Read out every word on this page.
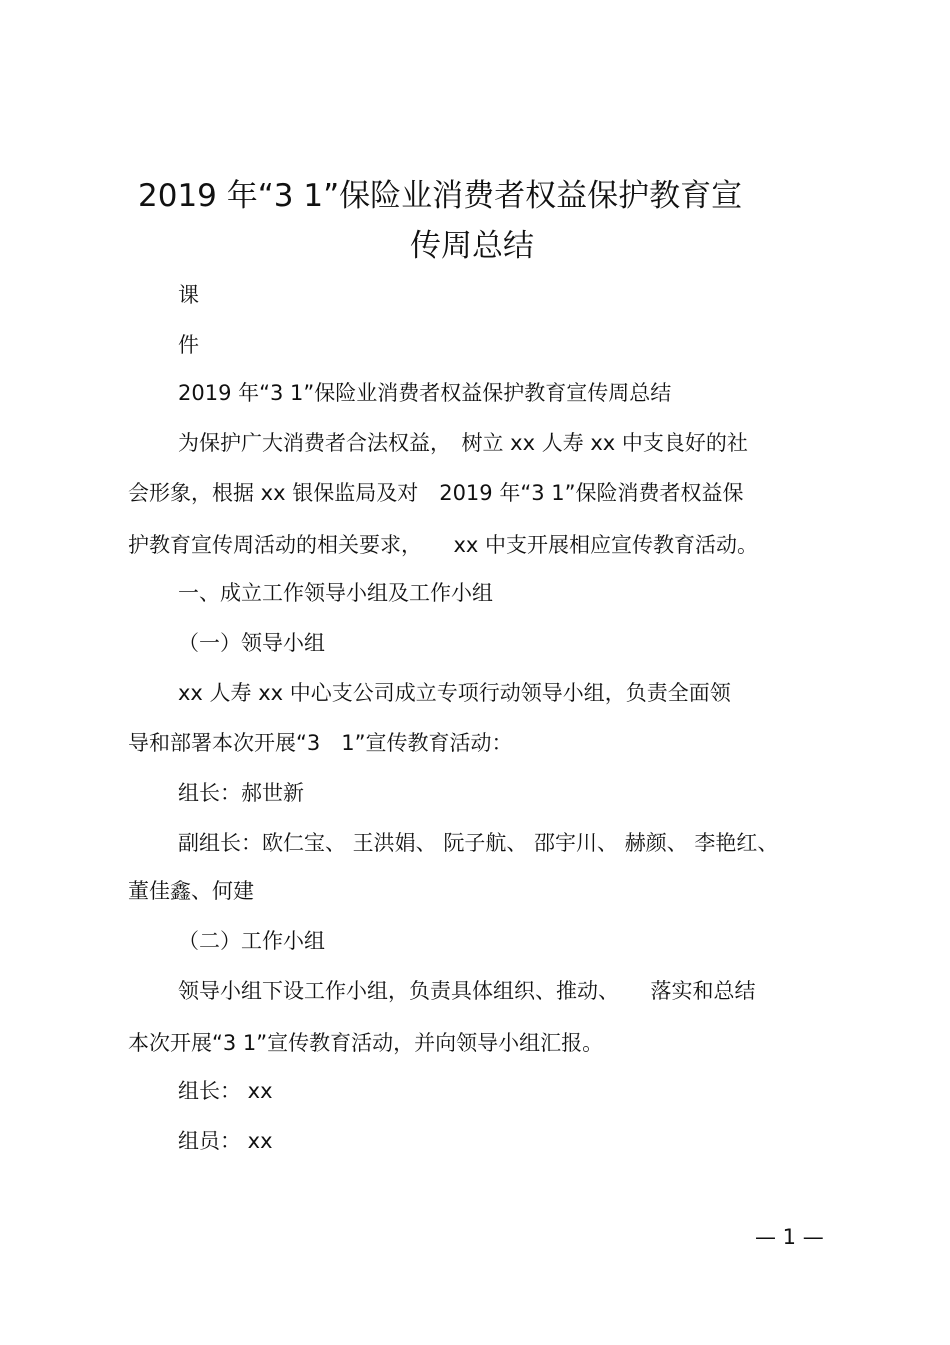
2019 年“3 1”保险业消费者权益保护教育宣
传周总结
课
件
2019 年“3 1”保险业消费者权益保护教育宣传周总结
为保护广大消费者合法权益，　树立 xx 人寿 xx 中支良好的社
会形象，根据 xx 银保监局及对　2019 年“3 1”保险消费者权益保
护教育宣传周活动的相关要求，　　xx 中支开展相应宣传教育活动。
一、成立工作领导小组及工作小组
（一）领导小组
xx 人寿 xx 中心支公司成立专项行动领导小组，负责全面领
导和部署本次开展“3　1”宣传教育活动：
组长：郝世新
副组长：欧仁宝、 王洪娟、 阮子航、 邵宇川、 赫颜、 李艳红、
董佳鑫、何建
（二）工作小组
领导小组下设工作小组，负责具体组织、推动、　　落实和总结
本次开展“3 1”宣传教育活动，并向领导小组汇报。
组长： xx
组员： xx
— 1 —
